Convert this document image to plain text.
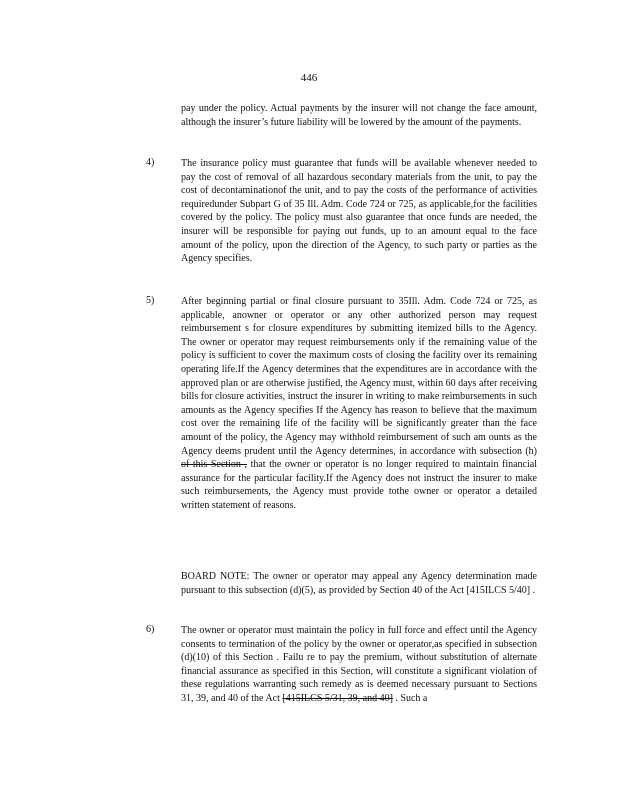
446
pay under the policy. Actual payments by the insurer will not change the face amount, although the insurer’s future liability will be lowered by the amount of the payments.
4)	The insurance policy must guarantee that funds will be available whenever needed to pay the cost of removal of all hazardous secondary materials from the unit, to pay the cost of decontaminationof the unit, and to pay the costs of the performance of activities requiredunder Subpart G of 35 Ill. Adm. Code 724 or 725, as applicable,for the facilities covered by the policy. The policy must also guarantee that once funds are needed, the insurer will be responsible for paying out funds, up to an amount equal to the face amount of the policy, upon the direction of the Agency, to such party or parties as the Agency specifies.
5)	After beginning partial or final closure pursuant to 35Ill. Adm. Code 724 or 725, as applicable, anowner or operator or any other authorized person may request reimbursement s for closure expenditures by submitting itemized bills to the Agency. The owner or operator may request reimbursements only if the remaining value of the policy is sufficient to cover the maximum costs of closing the facility over its remaining operating life.If the Agency determines that the expenditures are in accordance with the approved plan or are otherwise justified, the Agency must, within 60 days after receiving bills for closure activities, instruct the insurer in writing to make reimbursements in such amounts as the Agency specifies If the Agency has reason to believe that the maximum cost over the remaining life of the facility will be significantly greater than the face amount of the policy, the Agency may withhold reimbursement of such am ounts as the Agency deems prudent until the Agency determines, in accordance with subsection (h) of this Section , that the owner or operator is no longer required to maintain financial assurance for the particular facility.If the Agency does not instruct the insurer to make such reimbursements, the Agency must provide tothe owner or operator a detailed written statement of reasons.
BOARD NOTE: The owner or operator may appeal any Agency determination made pursuant to this subsection (d)(5), as provided by Section 40 of the Act [415ILCS 5/40] .
6)	The owner or operator must maintain the policy in full force and effect until the Agency consents to termination of the policy by the owner or operator,as specified in subsection (d)(10) of this Section . Failu re to pay the premium, without substitution of alternate financial assurance as specified in this Section, will constitute a significant violation of these regulations warranting such remedy as is deemed necessary pursuant to Sections 31, 39, and 40 of the Act [415ILCS 5/31, 39, and 40] . Such a
